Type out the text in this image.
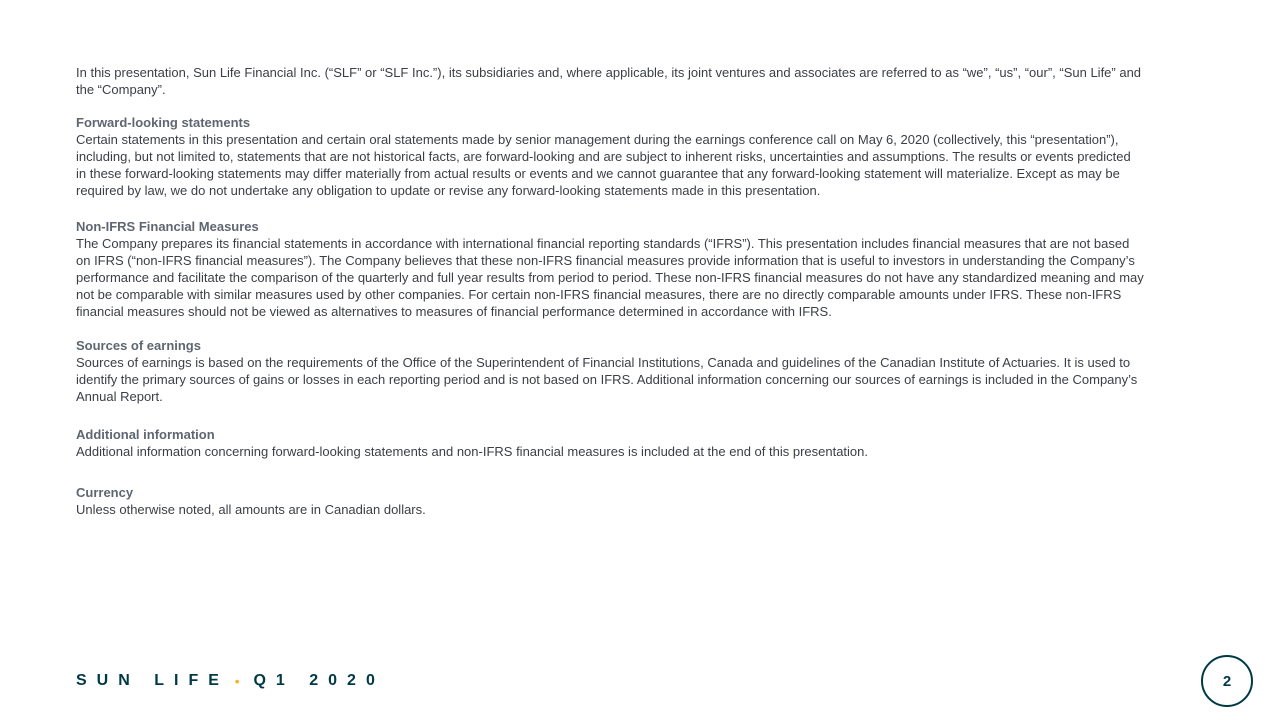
In this presentation, Sun Life Financial Inc. (“SLF” or “SLF Inc.”), its subsidiaries and, where applicable, its joint ventures and associates are referred to as “we”, “us”, “our”, “Sun Life” and the “Company”.

Forward-looking statements

Certain statements in this presentation and certain oral statements made by senior management during the earnings conference call on May 6, 2020 (collectively, this “presentation”), including, but not limited to, statements that are not historical facts, are forward-looking and are subject to inherent risks, uncertainties and assumptions. The results or events predicted in these forward-looking statements may differ materially from actual results or events and we cannot guarantee that any forward-looking statement will materialize. Except as may be required by law, we do not undertake any obligation to update or revise any forward-looking statements made in this presentation.

Non-IFRS Financial Measures

The Company prepares its financial statements in accordance with international financial reporting standards (“IFRS”). This presentation includes financial measures that are not based on IFRS (“non-IFRS financial measures”). The Company believes that these non-IFRS financial measures provide information that is useful to investors in understanding the Company’s performance and facilitate the comparison of the quarterly and full year results from period to period. These non-IFRS financial measures do not have any standardized meaning and may not be comparable with similar measures used by other companies. For certain non-IFRS financial measures, there are no directly comparable amounts under IFRS. These non-IFRS financial measures should not be viewed as alternatives to measures of financial performance determined in accordance with IFRS.

Sources of earnings

Sources of earnings is based on the requirements of the Office of the Superintendent of Financial Institutions, Canada and guidelines of the Canadian Institute of Actuaries. It is used to identify the primary sources of gains or losses in each reporting period and is not based on IFRS. Additional information concerning our sources of earnings is included in the Company’s Annual Report.

Additional information

Additional information concerning forward-looking statements and non-IFRS financial measures is included at the end of this presentation.

Currency

Unless otherwise noted, all amounts are in Canadian dollars.

SUN LIFE • Q1 2020	2
